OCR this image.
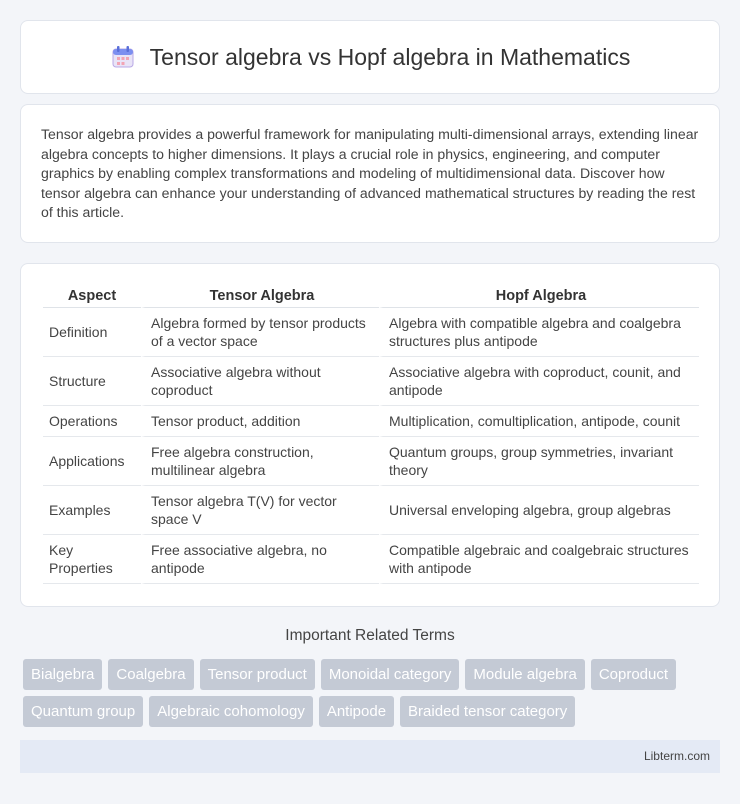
Tensor algebra vs Hopf algebra in Mathematics

Tensor algebra provides a powerful framework for manipulating multi-dimensional arrays, extending linear algebra concepts to higher dimensions. It plays a crucial role in physics, engineering, and computer graphics by enabling complex transformations and modeling of multidimensional data. Discover how tensor algebra can enhance your understanding of advanced mathematical structures by reading the rest of this article.

Aspect	Tensor Algebra	Hopf Algebra
Definition	Algebra formed by tensor products of a vector space	Algebra with compatible algebra and coalgebra structures plus antipode
Structure	Associative algebra without coproduct	Associative algebra with coproduct, counit, and antipode
Operations	Tensor product, addition	Multiplication, comultiplication, antipode, counit
Applications	Free algebra construction, multilinear algebra	Quantum groups, group symmetries, invariant theory
Examples	Tensor algebra T(V) for vector space V	Universal enveloping algebra, group algebras
Key Properties	Free associative algebra, no antipode	Compatible algebraic and coalgebraic structures with antipode
Important Related Terms
Bialgebra	Coalgebra	Tensor product	Monoidal category	Module algebra	Coproduct
Quantum group	Algebraic cohomology	Antipode	Braided tensor category
Libterm.com
